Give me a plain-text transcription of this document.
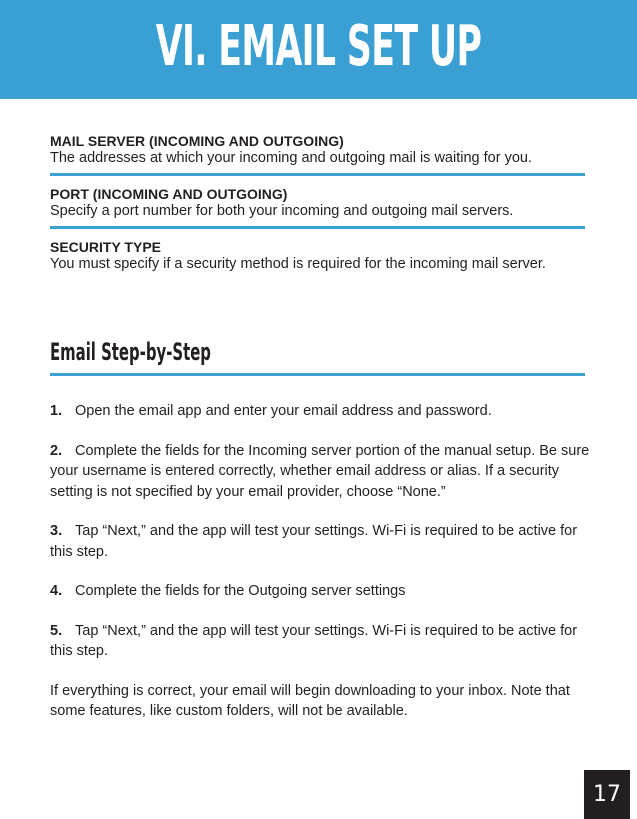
VI. EMAIL SET UP
MAIL SERVER (INCOMING AND OUTGOING)
The addresses at which your incoming and outgoing mail is waiting for you.
PORT (INCOMING AND OUTGOING)
Specify a port number for both your incoming and outgoing mail servers.
SECURITY TYPE
You must specify if a security method is required for the incoming mail server.
Email Step-by-Step
1. Open the email app and enter your email address and password.
2. Complete the fields for the Incoming server portion of the manual setup. Be sure your username is entered correctly, whether email address or alias. If a security setting is not specified by your email provider, choose “None.”
3. Tap “Next,” and the app will test your settings. Wi-Fi is required to be active for this step.
4. Complete the fields for the Outgoing server settings
5. Tap “Next,” and the app will test your settings. Wi-Fi is required to be active for this step.
If everything is correct, your email will begin downloading to your inbox. Note that some features, like custom folders, will not be available.
17
